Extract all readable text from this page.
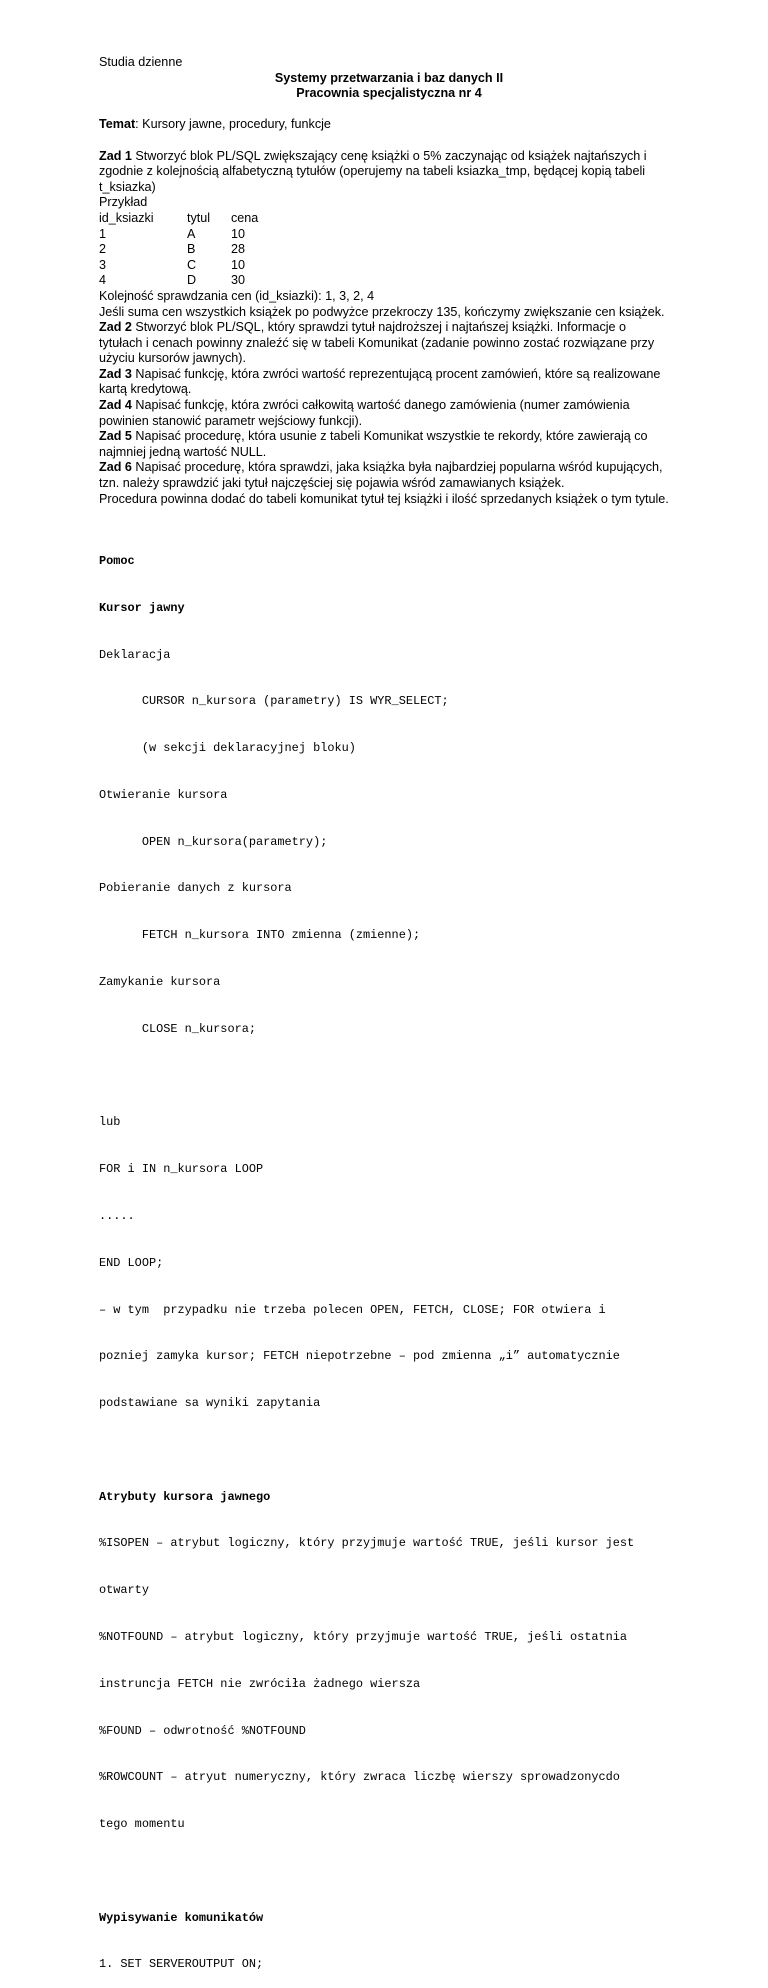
Studia dzienne
Systemy przetwarzania i baz danych II
Pracownia specjalistyczna nr 4
Temat: Kursory jawne, procedury, funkcje
Zad 1 Stworzyć blok PL/SQL zwiększający cenę książki o 5% zaczynając od książek najtańszych i
zgodnie z kolejnością alfabetyczną tytułów (operujemy na tabeli ksiazka_tmp, będącej kopią tabeli
t_ksiazka)
Przykład
id_ksiazki	tytul	cena
1	A	10
2	B	28
3	C	10
4	D	30
Kolejność sprawdzania cen (id_ksiazki): 1, 3, 2, 4
Jeśli suma cen wszystkich książek po podwyżce przekroczy 135, kończymy zwiększanie cen książek.
Zad 2 Stworzyć blok PL/SQL, który sprawdzi tytuł najdroższej i najtańszej książki. Informacje o
tytułach i cenach powinny znaleźć się w tabeli Komunikat (zadanie powinno zostać rozwiązane przy
użyciu kursorów jawnych).
Zad 3 Napisać funkcję, która zwróci wartość reprezentującą procent zamówień, które są realizowane
kartą kredytową.
Zad 4 Napisać funkcję, która zwróci całkowitą wartość danego zamówienia (numer zamówienia
powinien stanowić parametr wejściowy funkcji).
Zad 5 Napisać procedurę, która usunie z tabeli Komunikat wszystkie te rekordy, które zawierają co
najmniej jedną wartość NULL.
Zad 6 Napisać procedurę, która sprawdzi, jaka książka była najbardziej popularna wśród kupujących,
tzn. należy sprawdzić jaki tytuł najczęściej się pojawia wśród zamawianych książek.
Procedura powinna dodać do tabeli komunikat tytuł tej książki i ilość sprzedanych książek o tym tytule.

Pomoc

Kursor jawny

Deklaracja

CURSOR n_kursora (parametry) IS WYR_SELECT;

(w sekcji deklaracyjnej bloku)

Otwieranie kursora

OPEN n_kursora(parametry);

Pobieranie danych z kursora

FETCH n_kursora INTO zmienna (zmienne);

Zamykanie kursora

CLOSE n_kursora;

lub

FOR i IN n_kursora LOOP

.....

END LOOP;

– w tym  przypadku nie trzeba polecen OPEN, FETCH, CLOSE; FOR otwiera i

pozniej zamyka kursor; FETCH niepotrzebne – pod zmienna „i” automatycznie

podstawiane sa wyniki zapytania

Atrybuty kursora jawnego

%ISOPEN – atrybut logiczny, który przyjmuje wartość TRUE, jeśli kursor jest

otwarty

%NOTFOUND – atrybut logiczny, który przyjmuje wartość TRUE, jeśli ostatnia

instruncja FETCH nie zwróciła żadnego wiersza

%FOUND – odwrotność %NOTFOUND

%ROWCOUNT – atryut numeryczny, który zwraca liczbę wierszy sprowadzonycdo

tego momentu

Wypisywanie komunikatów

1. SET SERVEROUTPUT ON;
